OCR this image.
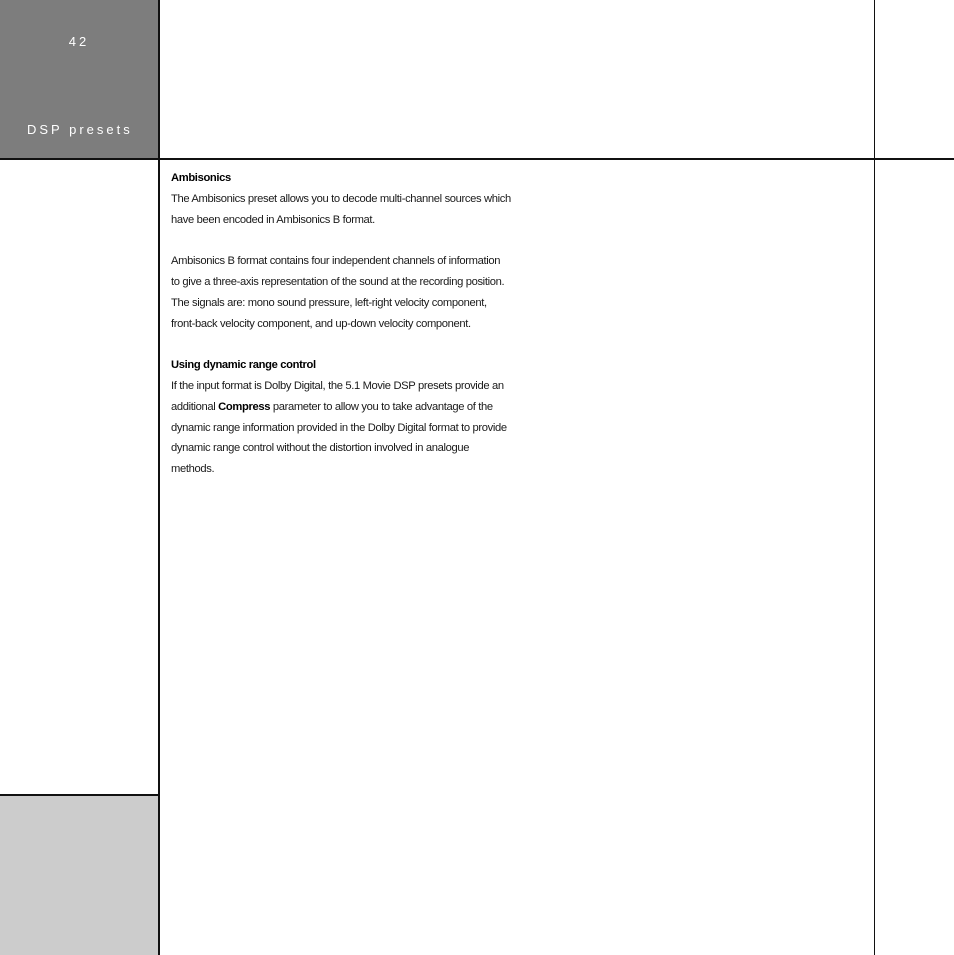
42
DSP presets

Ambisonics

The Ambisonics preset allows you to decode multi-channel sources which have been encoded in Ambisonics B format.

Ambisonics B format contains four independent channels of information to give a three-axis representation of the sound at the recording position. The signals are: mono sound pressure, left-right velocity component, front-back velocity component, and up-down velocity component.

Using dynamic range control

If the input format is Dolby Digital, the 5.1 Movie DSP presets provide an additional Compress parameter to allow you to take advantage of the dynamic range information provided in the Dolby Digital format to provide dynamic range control without the distortion involved in analogue methods.
